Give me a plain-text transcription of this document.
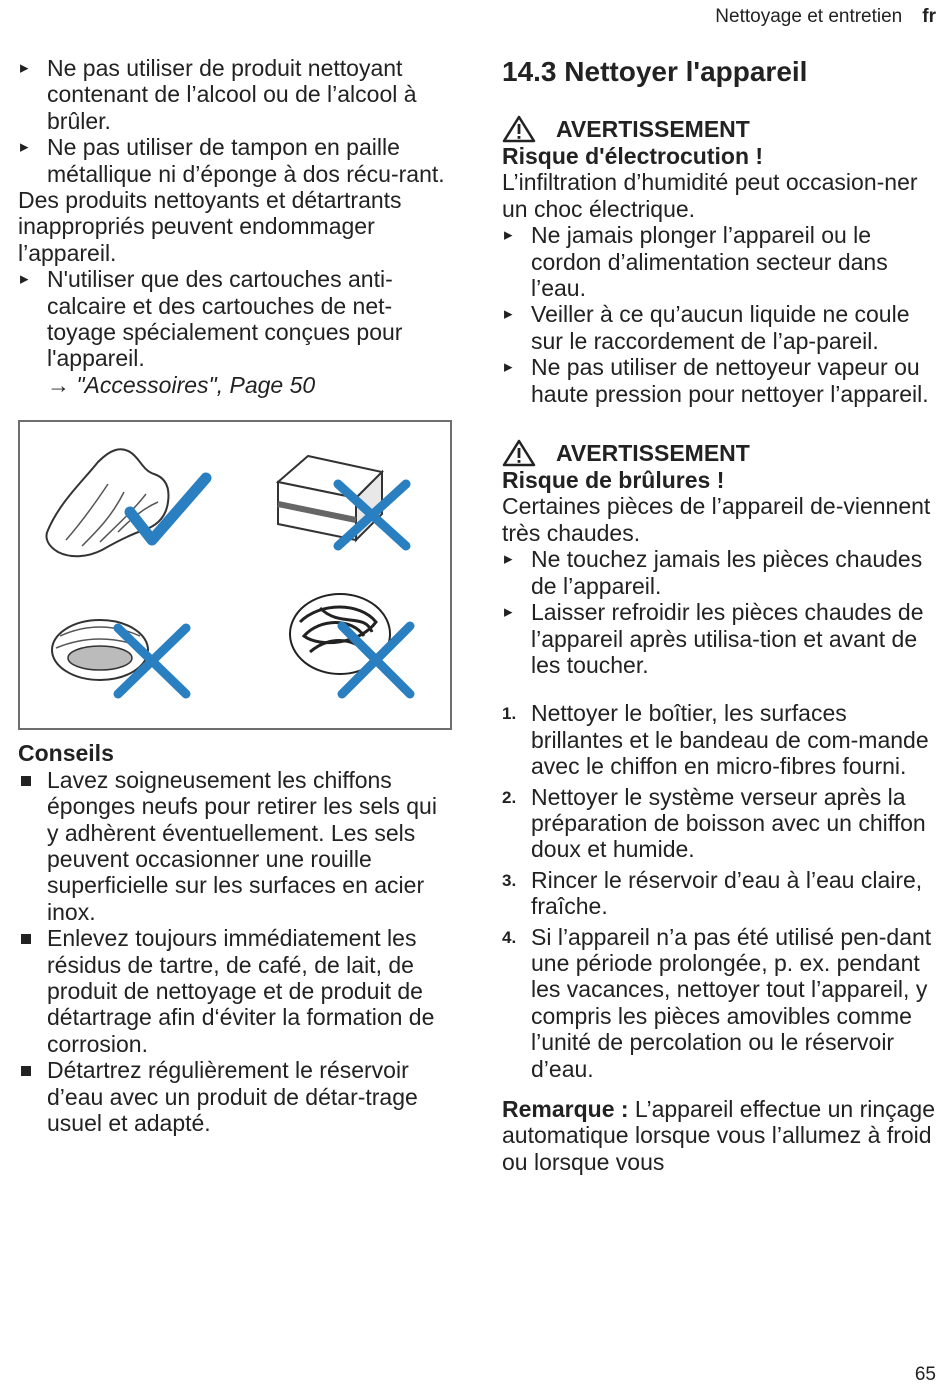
Nettoyage et entretien fr
▸ Ne pas utiliser de produit nettoyant contenant de l’alcool ou de l’alcool à brûler.
▸ Ne pas utiliser de tampon en paille métallique ni d’éponge à dos récu-rant.

Des produits nettoyants et détartrants inappropriés peuvent endommager l’appareil.

▸ N'utiliser que des cartouches anti-calcaire et des cartouches de net-toyage spécialement conçues pour l'appareil.
→ "Accessoires", Page 50

Conseils

Lavez soigneusement les chiffons éponges neufs pour retirer les sels qui y adhèrent éventuellement. Les sels peuvent occasionner une rouille superficielle sur les surfaces en acier inox.
Enlevez toujours immédiatement les résidus de tartre, de café, de lait, de produit de nettoyage et de produit de détartrage afin d‘éviter la formation de corrosion.
Détartrez régulièrement le réservoir d’eau avec un produit de détar-trage usuel et adapté.
14.3 Nettoyer l'appareil
AVERTISSEMENT

Risque d'électrocution !

L’infiltration d’humidité peut occasion-ner un choc électrique.

▸ Ne jamais plonger l’appareil ou le cordon d’alimentation secteur dans l’eau.
▸ Veiller à ce qu’aucun liquide ne coule sur le raccordement de l’ap-pareil.
▸ Ne pas utiliser de nettoyeur vapeur ou haute pression pour nettoyer l’appareil.
AVERTISSEMENT

Risque de brûlures !

Certaines pièces de l’appareil de-viennent très chaudes.

▸ Ne touchez jamais les pièces chaudes de l’appareil.
▸ Laisser refroidir les pièces chaudes de l’appareil après utilisa-tion et avant de les toucher.
1. Nettoyer le boîtier, les surfaces brillantes et le bandeau de com-mande avec le chiffon en micro-fibres fourni.
2. Nettoyer le système verseur après la préparation de boisson avec un chiffon doux et humide.
3. Rincer le réservoir d’eau à l’eau claire, fraîche.
4. Si l’appareil n’a pas été utilisé pen-dant une période prolongée, p. ex. pendant les vacances, nettoyer tout l’appareil, y compris les pièces amovibles comme l’unité de percolation ou le réservoir d’eau.

Remarque : L’appareil effectue un rinçage automatique lorsque vous l’allumez à froid ou lorsque vous

65
